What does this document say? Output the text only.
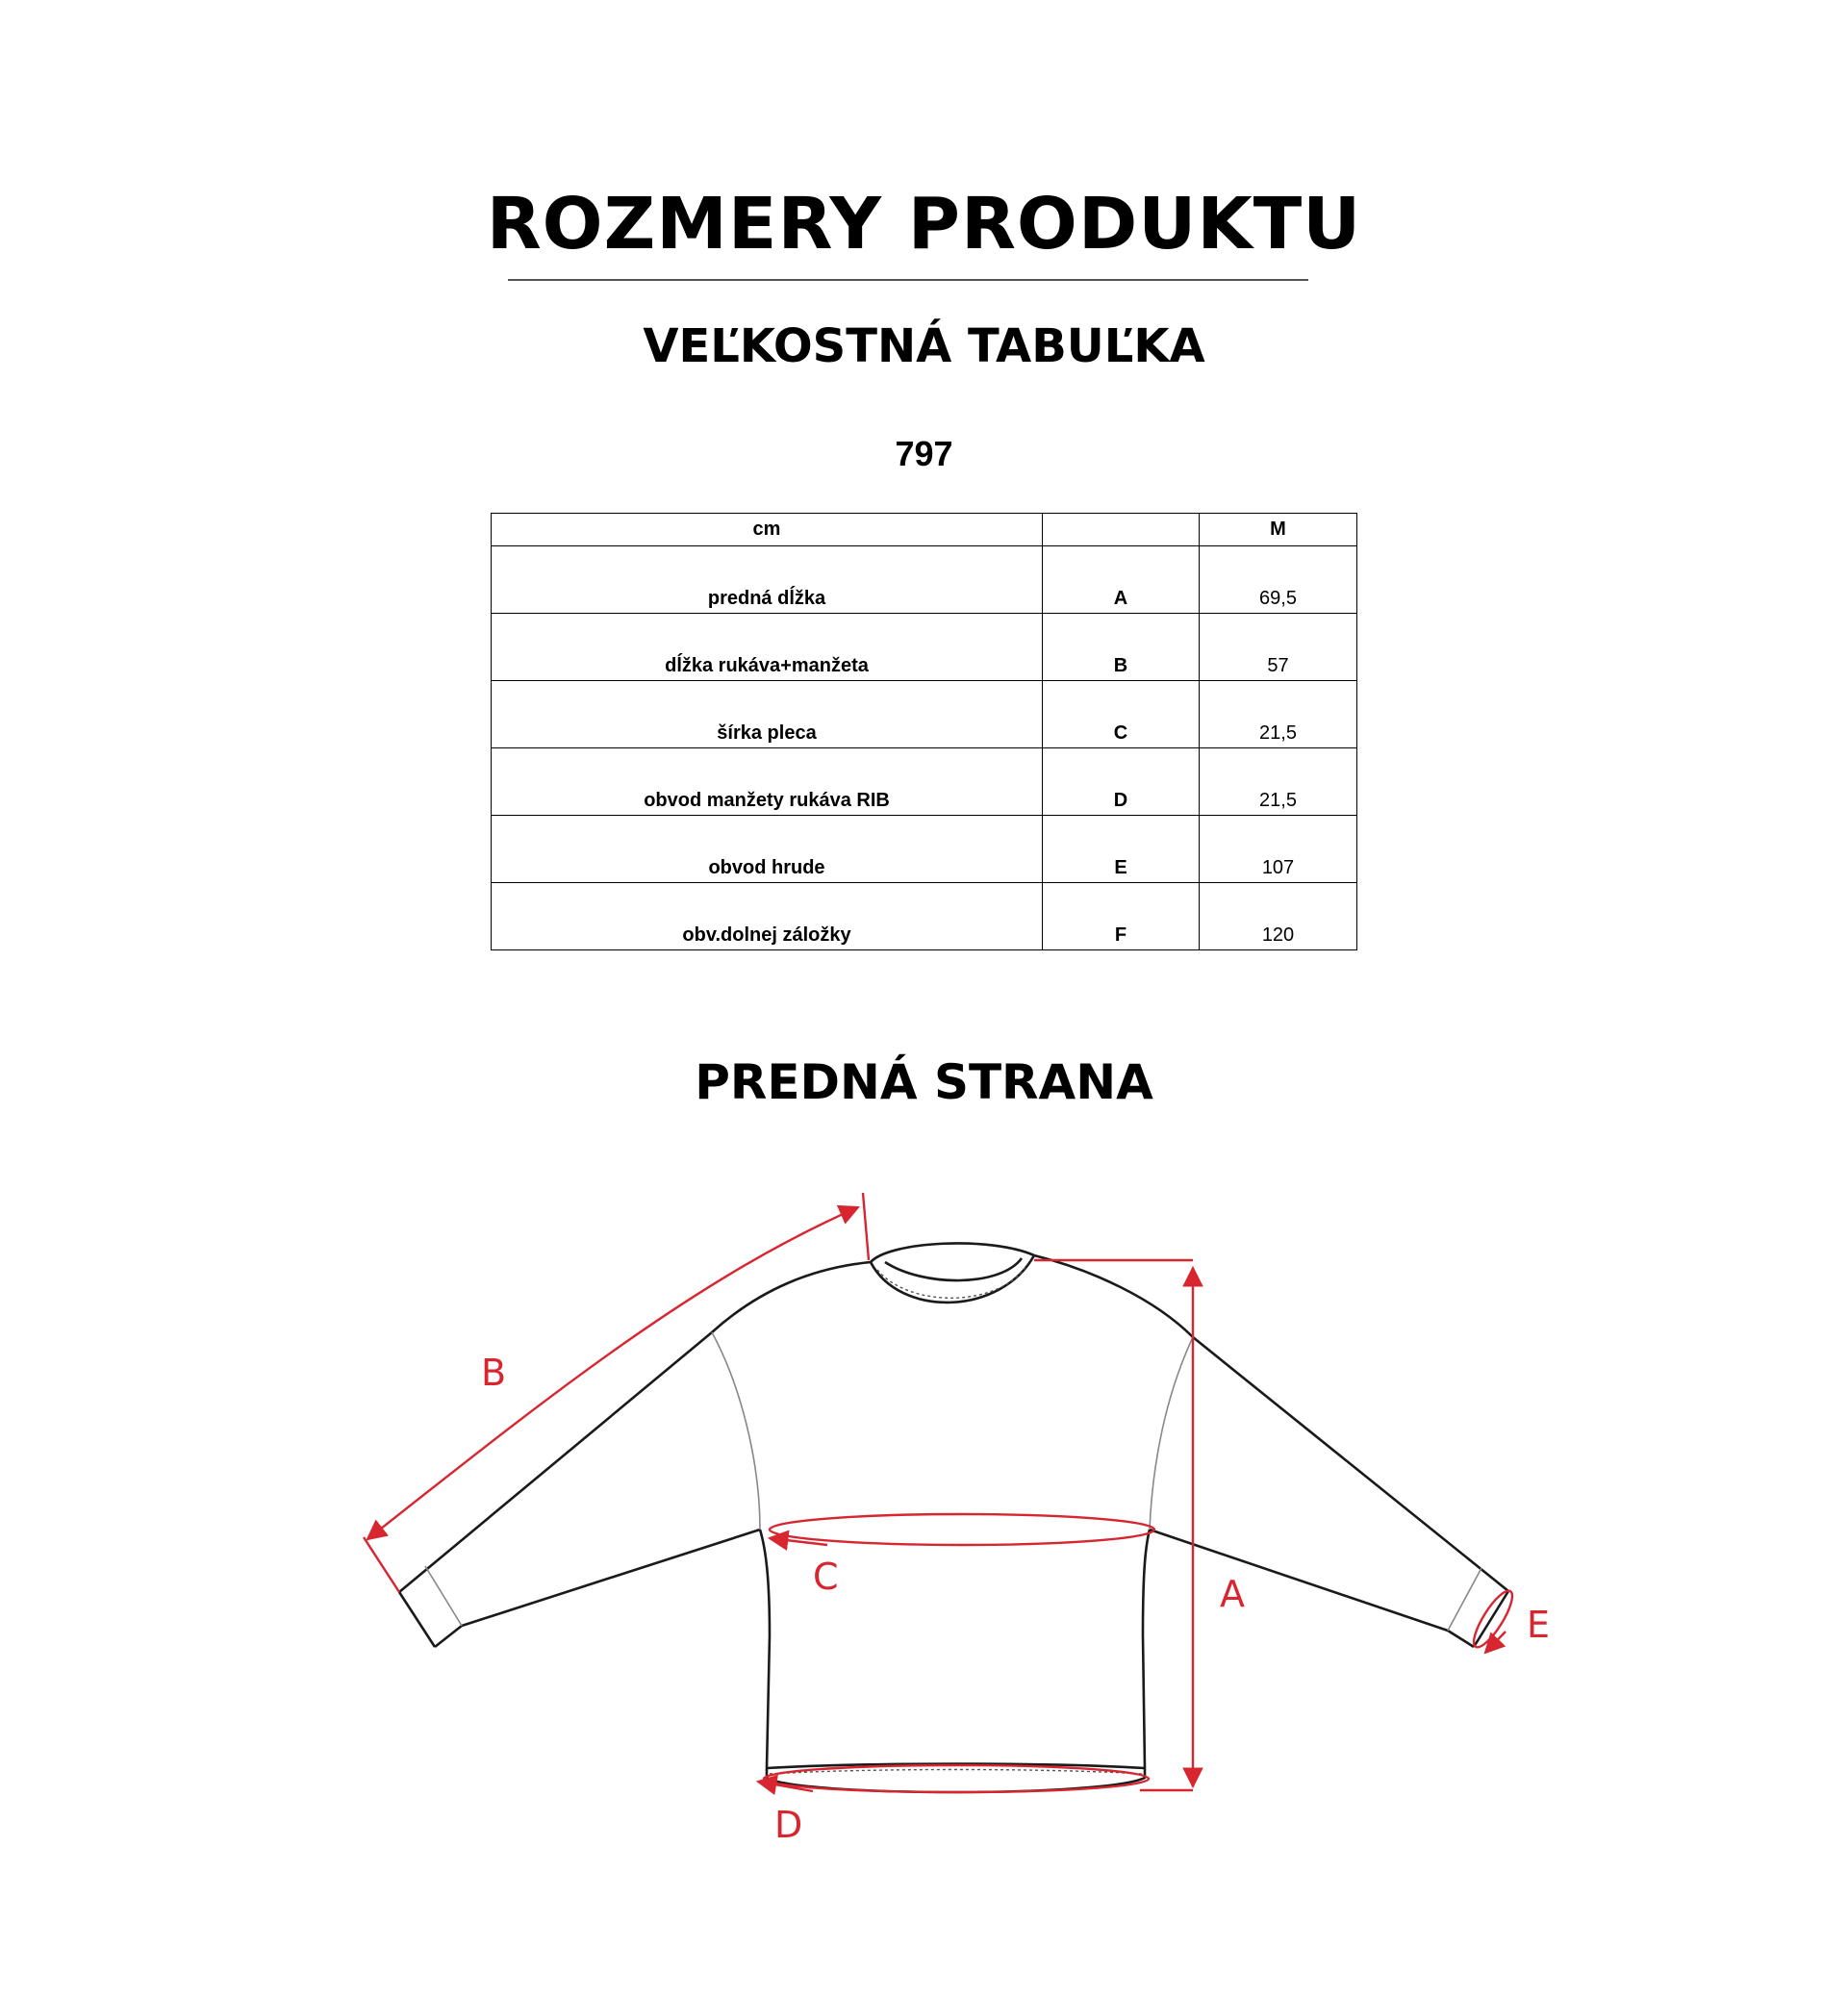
ROZMERY PRODUKTU
VEĽKOSTNÁ TABUĽKA
797
cm		M
predná dĺžka	A	69,5
dĺžka rukáva+manžeta	B	57
šírka pleca	C	21,5
obvod manžety rukáva RIB	D	21,5
obvod hrude	E	107
obv.dolnej záložky	F	120
PREDNÁ STRANA
A
B
C
D
E
